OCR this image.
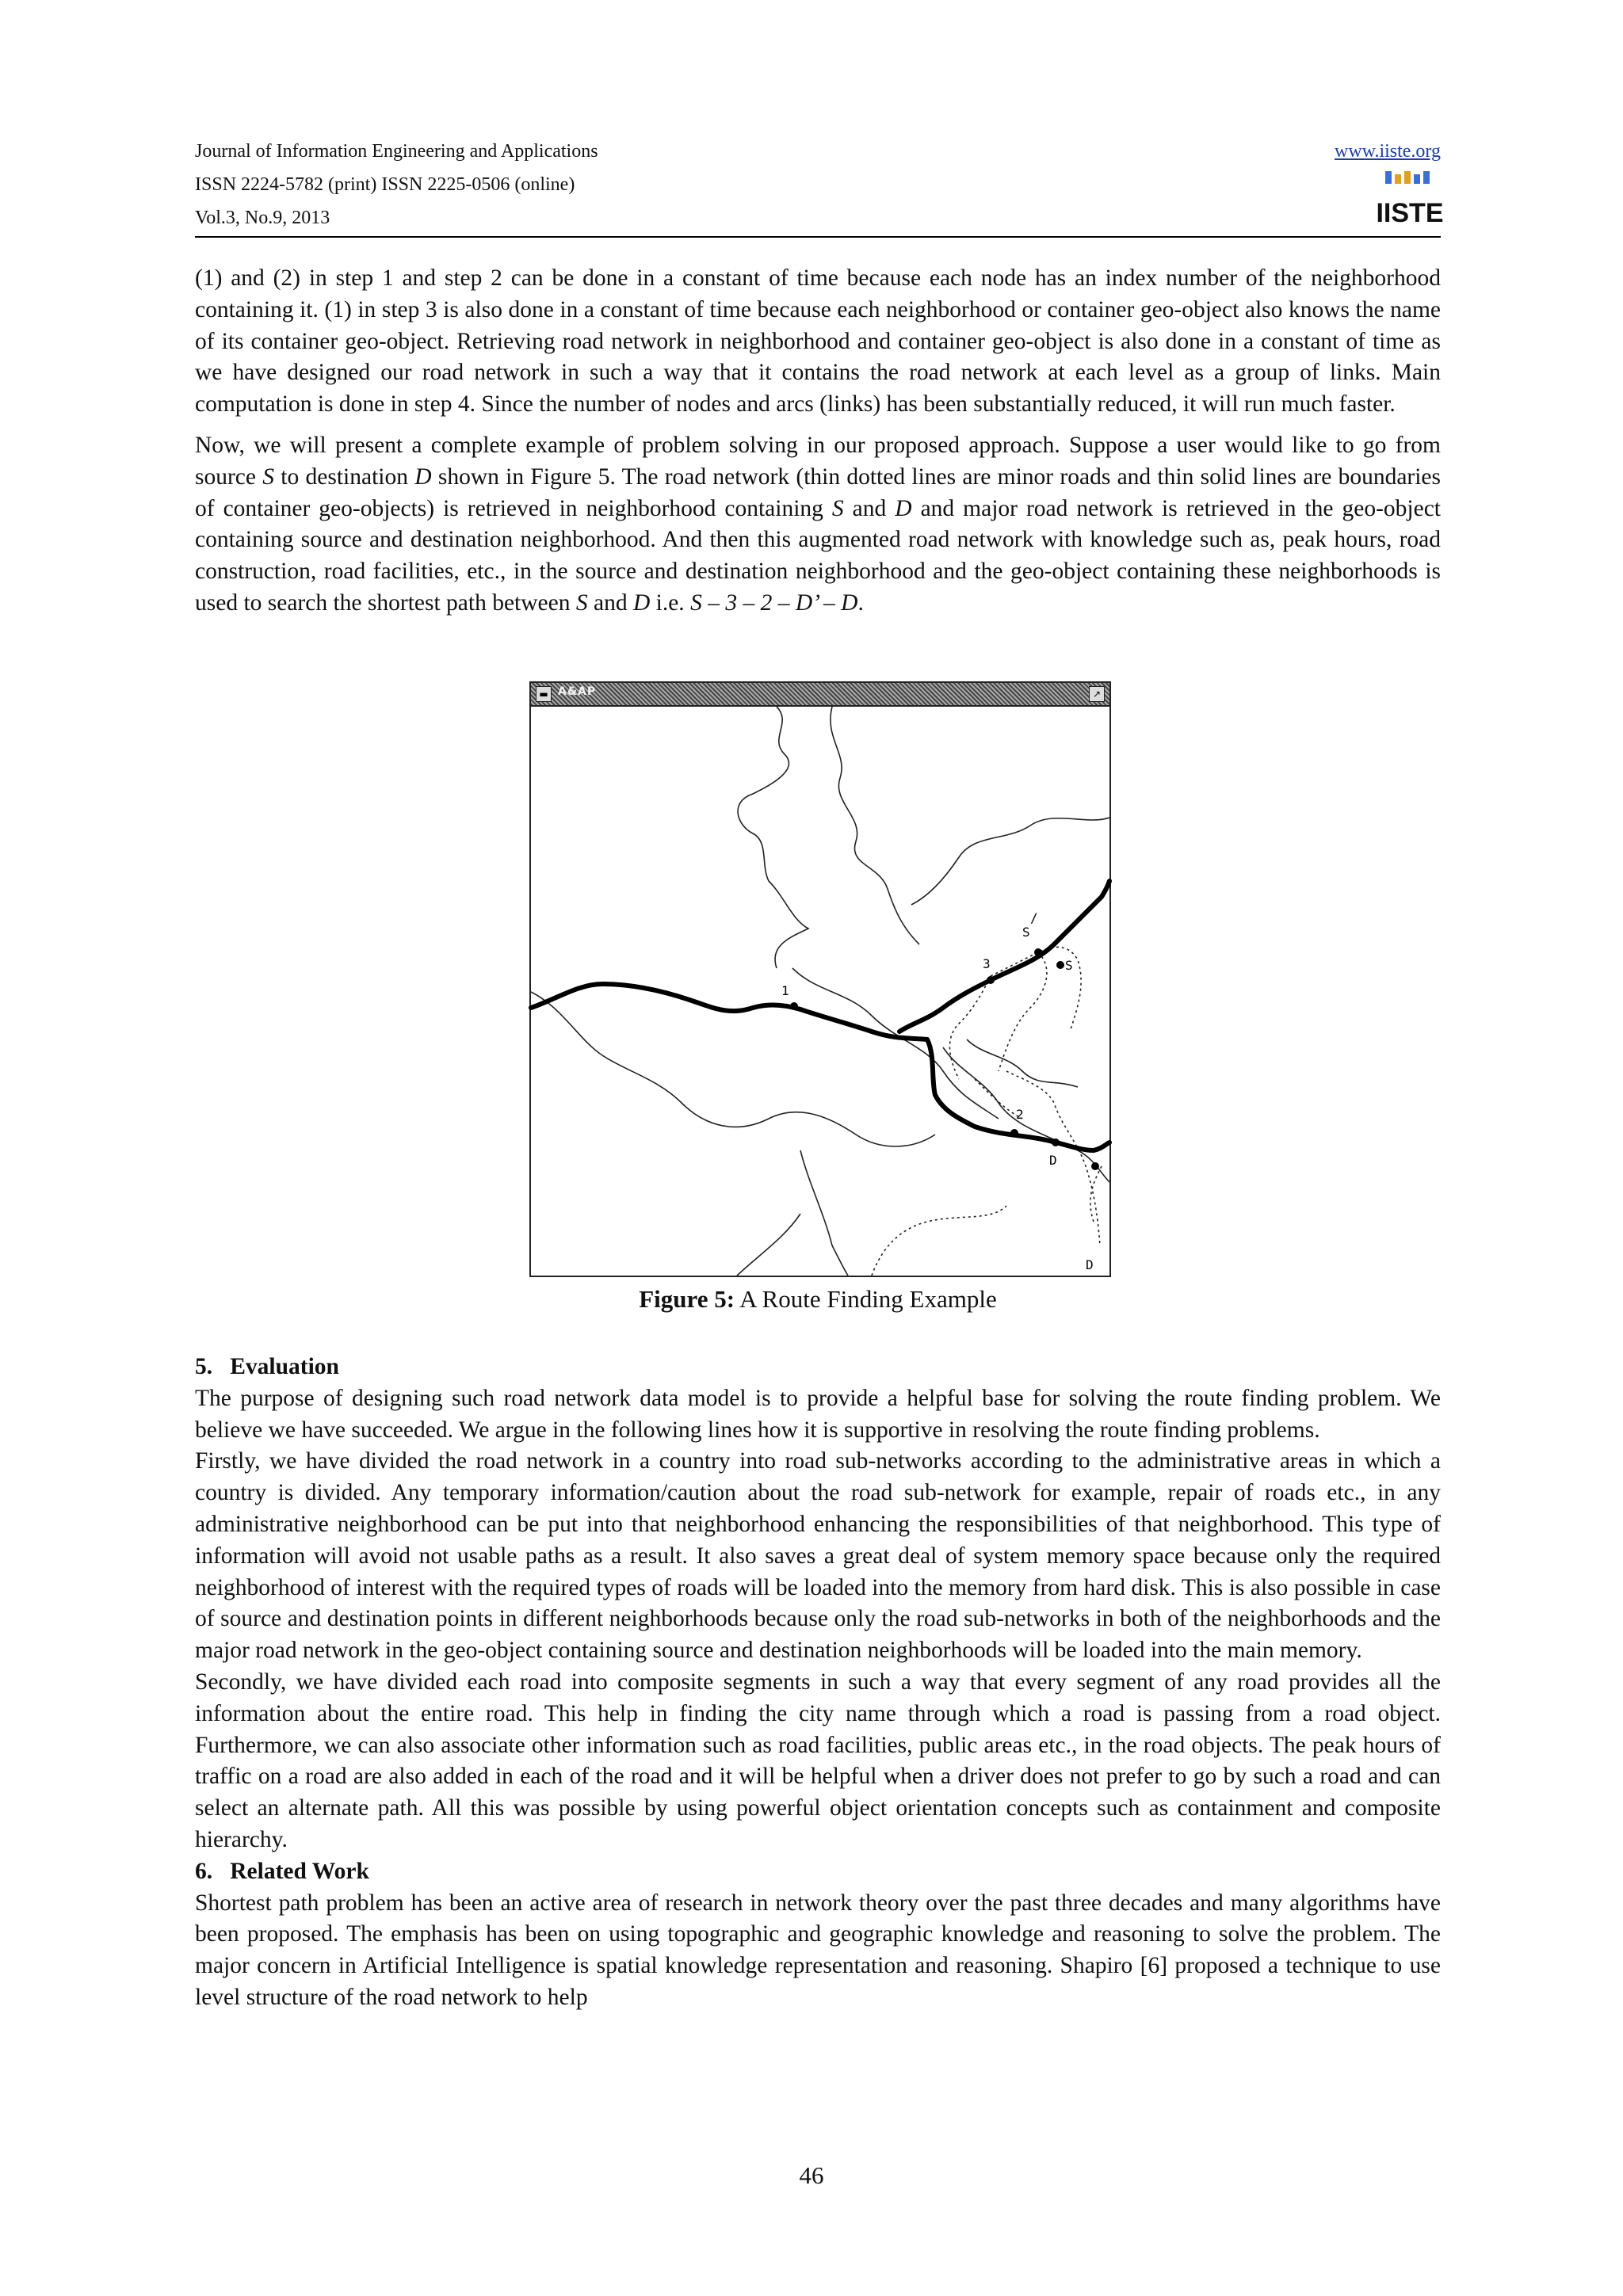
Journal of Information Engineering and Applications
ISSN 2224-5782 (print) ISSN 2225-0506 (online)
Vol.3, No.9, 2013
www.iiste.org
IISTE

(1) and (2) in step 1 and step 2 can be done in a constant of time because each node has an index number of the neighborhood containing it. (1) in step 3 is also done in a constant of time because each neighborhood or container geo-object also knows the name of its container geo-object. Retrieving road network in neighborhood and container geo-object is also done in a constant of time as we have designed our road network in such a way that it contains the road network at each level as a group of links. Main computation is done in step 4. Since the number of nodes and arcs (links) has been substantially reduced, it will run much faster.

Now, we will present a complete example of problem solving in our proposed approach. Suppose a user would like to go from source S to destination D shown in Figure 5. The road network (thin dotted lines are minor roads and thin solid lines are boundaries of container geo-objects) is retrieved in neighborhood containing S and D and major road network is retrieved in the geo-object containing source and destination neighborhood. And then this augmented road network with knowledge such as, peak hours, road construction, road facilities, etc., in the source and destination neighborhood and the geo-object containing these neighborhoods is used to search the shortest path between S and D i.e. S – 3 – 2 – D’ – D.

▬ A&AP	↗
1
3
2
S
/
S
D
D
Figure 5: A Route Finding Example

5. Evaluation

The purpose of designing such road network data model is to provide a helpful base for solving the route finding problem. We believe we have succeeded. We argue in the following lines how it is supportive in resolving the route finding problems.

Firstly, we have divided the road network in a country into road sub-networks according to the administrative areas in which a country is divided. Any temporary information/caution about the road sub-network for example, repair of roads etc., in any administrative neighborhood can be put into that neighborhood enhancing the responsibilities of that neighborhood. This type of information will avoid not usable paths as a result. It also saves a great deal of system memory space because only the required neighborhood of interest with the required types of roads will be loaded into the memory from hard disk. This is also possible in case of source and destination points in different neighborhoods because only the road sub-networks in both of the neighborhoods and the major road network in the geo-object containing source and destination neighborhoods will be loaded into the main memory.

Secondly, we have divided each road into composite segments in such a way that every segment of any road provides all the information about the entire road. This help in finding the city name through which a road is passing from a road object. Furthermore, we can also associate other information such as road facilities, public areas etc., in the road objects. The peak hours of traffic on a road are also added in each of the road and it will be helpful when a driver does not prefer to go by such a road and can select an alternate path. All this was possible by using powerful object orientation concepts such as containment and composite hierarchy.

6. Related Work

Shortest path problem has been an active area of research in network theory over the past three decades and many algorithms have been proposed. The emphasis has been on using topographic and geographic knowledge and reasoning to solve the problem. The major concern in Artificial Intelligence is spatial knowledge representation and reasoning. Shapiro [6] proposed a technique to use level structure of the road network to help

46
